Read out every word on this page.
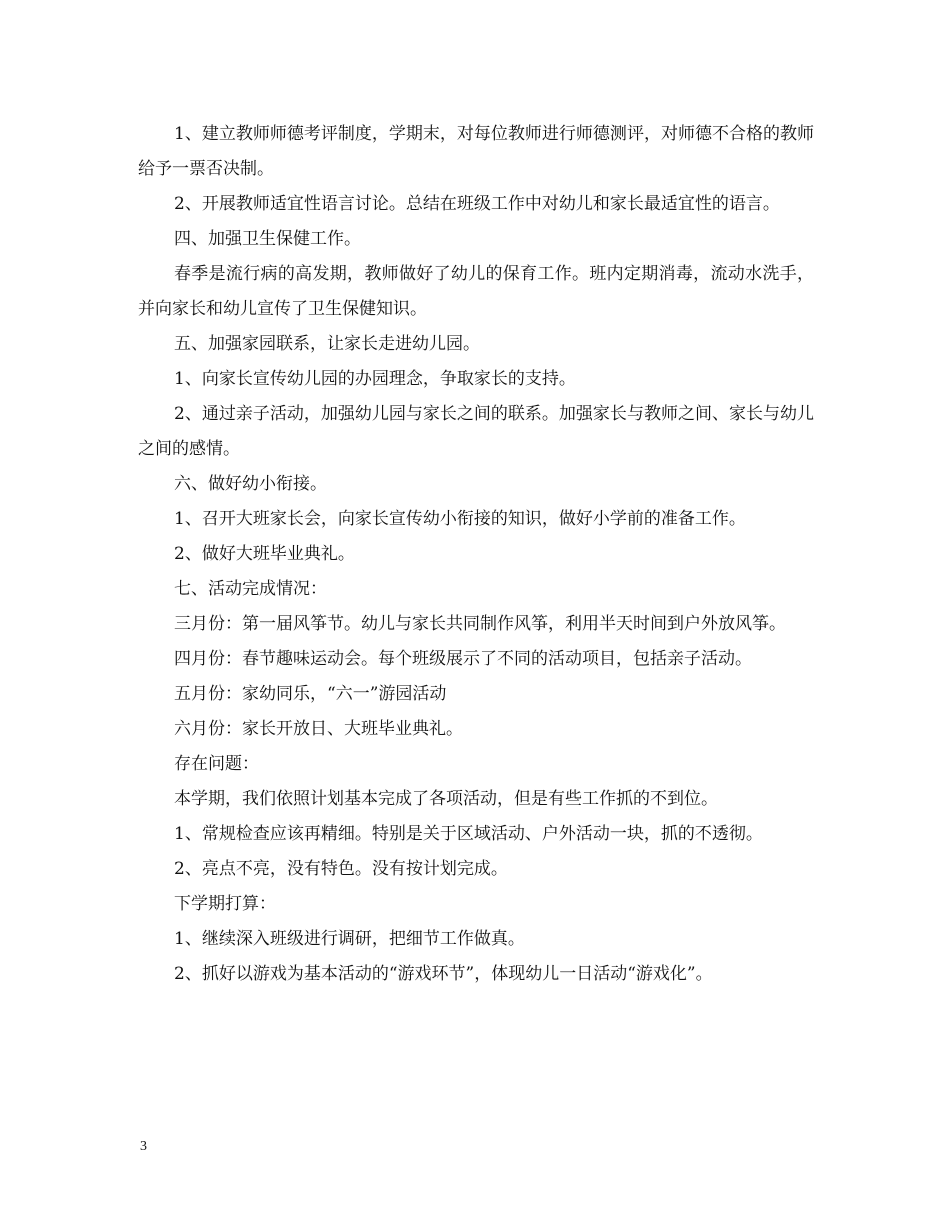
1、建立教师师德考评制度，学期末，对每位教师进行师德测评，对师德不合格的教师给予一票否决制。

2、开展教师适宜性语言讨论。总结在班级工作中对幼儿和家长最适宜性的语言。

四、加强卫生保健工作。

春季是流行病的高发期，教师做好了幼儿的保育工作。班内定期消毒，流动水洗手，并向家长和幼儿宣传了卫生保健知识。

五、加强家园联系，让家长走进幼儿园。

1、向家长宣传幼儿园的办园理念，争取家长的支持。

2、通过亲子活动，加强幼儿园与家长之间的联系。加强家长与教师之间、家长与幼儿之间的感情。

六、做好幼小衔接。

1、召开大班家长会，向家长宣传幼小衔接的知识，做好小学前的准备工作。

2、做好大班毕业典礼。

七、活动完成情况：

三月份：第一届风筝节。幼儿与家长共同制作风筝，利用半天时间到户外放风筝。

四月份：春节趣味运动会。每个班级展示了不同的活动项目，包括亲子活动。

五月份：家幼同乐，“六一”游园活动

六月份：家长开放日、大班毕业典礼。

存在问题：

本学期，我们依照计划基本完成了各项活动，但是有些工作抓的不到位。

1、常规检查应该再精细。特别是关于区域活动、户外活动一块，抓的不透彻。

2、亮点不亮，没有特色。没有按计划完成。

下学期打算：

1、继续深入班级进行调研，把细节工作做真。

2、抓好以游戏为基本活动的“游戏环节”，体现幼儿一日活动“游戏化”。

3
